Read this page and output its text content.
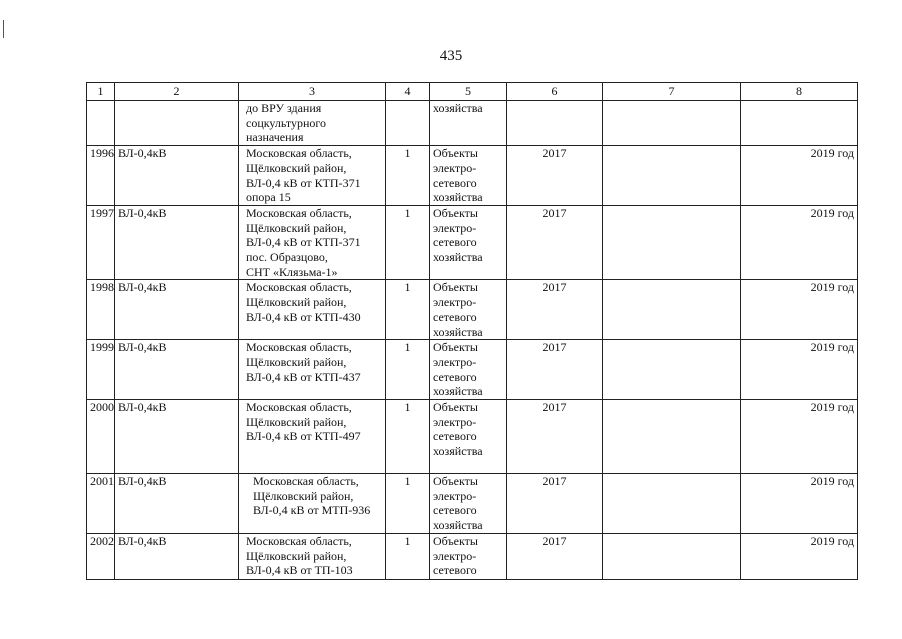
435
1	2	3	4	5	6	7	8

		до ВРУ здания
соцкультурного
назначения		хозяйства			

1996	ВЛ-0,4кВ	Московская область,
Щёлковский район,
ВЛ-0,4 кВ от КТП-371
опора 15	1	Объекты
электро-
сетевого
хозяйства	2017		2019 год
1997	ВЛ-0,4кВ	Московская область,
Щёлковский район,
ВЛ-0,4 кВ от КТП-371
пос. Образцово,
СНТ «Клязьма-1»	1	Объекты
электро-
сетевого
хозяйства	2017		2019 год
1998	ВЛ-0,4кВ	Московская область,
Щёлковский район,
ВЛ-0,4 кВ от КТП-430	1	Объекты
электро-
сетевого
хозяйства	2017		2019 год
1999	ВЛ-0,4кВ	Московская область,
Щёлковский район,
ВЛ-0,4 кВ от КТП-437	1	Объекты
электро-
сетевого
хозяйства	2017		2019 год
2000	ВЛ-0,4кВ	Московская область,
Щёлковский район,
ВЛ-0,4 кВ от КТП-497	1	Объекты
электро-
сетевого
хозяйства	2017		2019 год
2001	ВЛ-0,4кВ	Московская область,
Щёлковский район,
ВЛ-0,4 кВ от МТП-936	1	Объекты
электро-
сетевого
хозяйства	2017		2019 год
2002	ВЛ-0,4кВ	Московская область,
Щёлковский район,
ВЛ-0,4 кВ от ТП-103	1	Объекты
электро-
сетевого	2017		2019 год
